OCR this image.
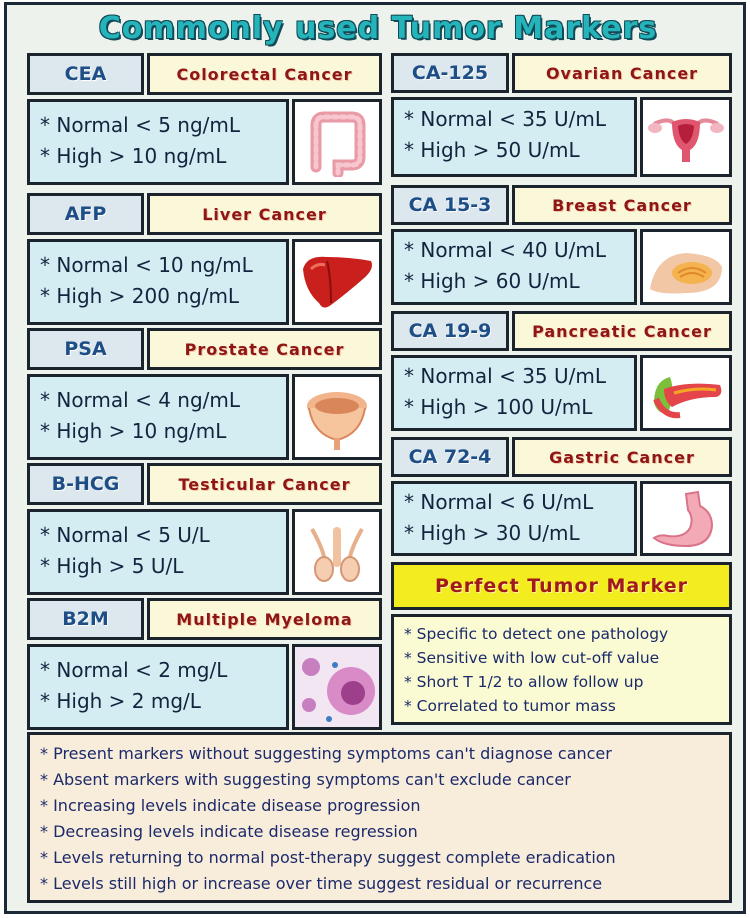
Commonly used Tumor Markers
CEA	Colorectal Cancer
* Normal < 5 ng/mL
* High > 10 ng/mL
AFP	Liver Cancer
* Normal < 10 ng/mL
* High > 200 ng/mL
PSA	Prostate Cancer
* Normal < 4 ng/mL
* High > 10 ng/mL
B-HCG	Testicular Cancer
* Normal < 5 U/L
* High > 5 U/L
B2M	Multiple Myeloma
* Normal < 2 mg/L
* High > 2 mg/L
CA-125	Ovarian Cancer
* Normal < 35 U/mL
* High > 50 U/mL
CA 15-3	Breast Cancer
* Normal < 40 U/mL
* High > 60 U/mL
CA 19-9	Pancreatic Cancer
* Normal < 35 U/mL
* High > 100 U/mL
CA 72-4	Gastric Cancer
* Normal < 6 U/mL
* High > 30 U/mL
Perfect Tumor Marker
* Specific to detect one pathology
* Sensitive with low cut-off value
* Short T 1/2 to allow follow up
* Correlated to tumor mass
* Present markers without suggesting symptoms can't diagnose cancer
* Absent markers with suggesting symptoms can't exclude cancer
* Increasing levels indicate disease progression
* Decreasing levels indicate disease regression
* Levels returning to normal post-therapy suggest complete eradication
* Levels still high or increase over time suggest residual or recurrence
